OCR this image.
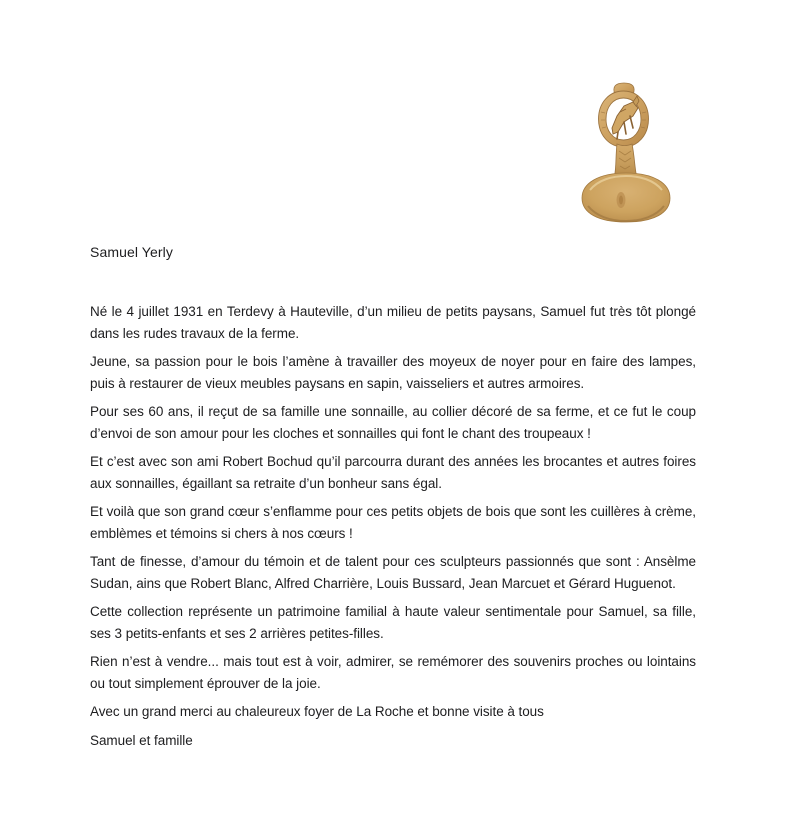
Samuel Yerly

Né le 4 juillet 1931 en Terdevy à Hauteville, d’un milieu de petits paysans, Samuel fut très tôt plongé dans les rudes travaux de la ferme.

Jeune, sa passion pour le bois l’amène à travailler des moyeux de noyer pour en faire des lampes, puis à restaurer de vieux meubles paysans en sapin, vaisseliers et autres armoires.

Pour ses 60 ans, il reçut de sa famille une sonnaille, au collier décoré de sa ferme, et ce fut le coup d’envoi de son amour pour les cloches et sonnailles qui font le chant des troupeaux !

Et c’est avec son ami Robert Bochud qu’il parcourra durant des années les brocantes et autres foires aux sonnailles, égaillant sa retraite d’un bonheur sans égal.

Et voilà que son grand cœur s’enflamme pour ces petits objets de bois que sont les cuillères à crème, emblèmes et témoins si chers à nos cœurs !

Tant de finesse, d’amour du témoin et de talent pour ces sculpteurs passionnés que sont : Ansèlme Sudan, ains que Robert Blanc, Alfred Charrière, Louis Bussard, Jean Marcuet et Gérard Huguenot.

Cette collection représente un patrimoine familial à haute valeur sentimentale pour Samuel, sa fille, ses 3 petits-enfants et ses 2 arrières petites-filles.

Rien n’est à vendre... mais tout est à voir, admirer, se remémorer des souvenirs proches ou lointains ou tout simplement éprouver de la joie.

Avec un grand merci au chaleureux foyer de La Roche et bonne visite à tous

Samuel et famille
